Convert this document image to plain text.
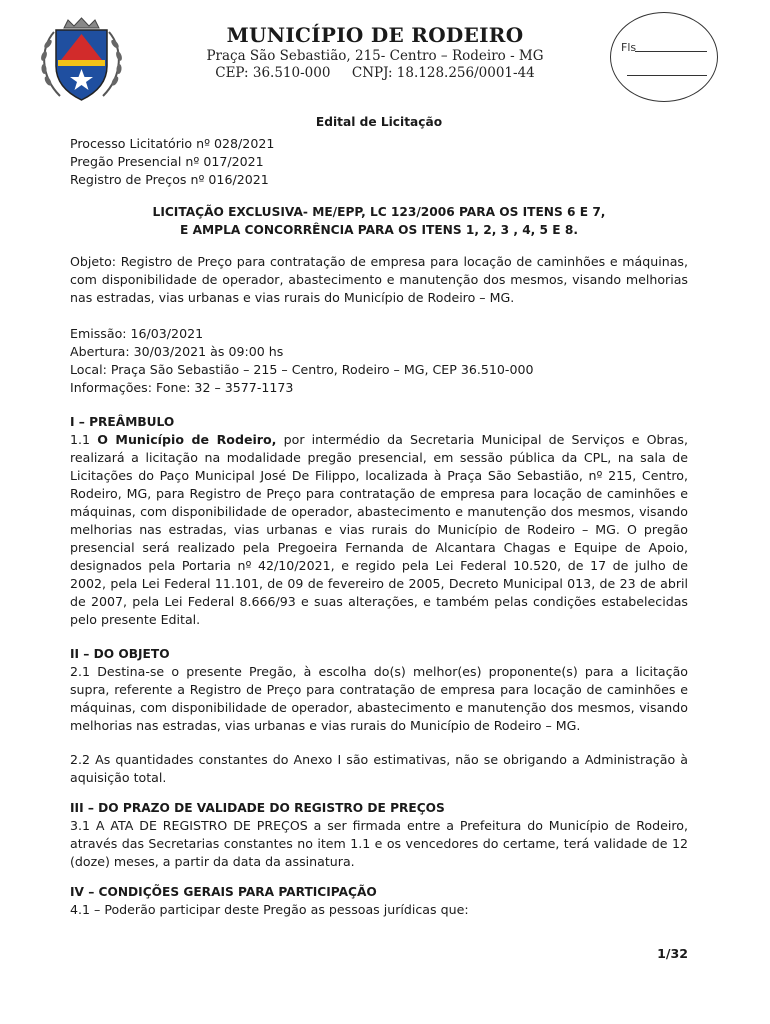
MUNICÍPIO DE RODEIRO
Praça São Sebastião, 215- Centro – Rodeiro - MG
CEP: 36.510-000     CNPJ: 18.128.256/0001-44
Fls
Edital de Licitação

Processo Licitatório nº 028/2021

Pregão Presencial nº 017/2021

Registro de Preços nº 016/2021

LICITAÇÃO EXCLUSIVA- ME/EPP, LC 123/2006 PARA OS ITENS 6 E 7,
E AMPLA CONCORRÊNCIA PARA OS ITENS 1, 2, 3 , 4, 5 E 8.

Objeto: Registro de Preço para contratação de empresa para locação de caminhões e máquinas, com disponibilidade de operador, abastecimento e manutenção dos mesmos, visando melhorias nas estradas, vias urbanas e vias rurais do Município de Rodeiro – MG.

Emissão: 16/03/2021

Abertura: 30/03/2021 às 09:00 hs

Local: Praça São Sebastião – 215 – Centro, Rodeiro – MG, CEP 36.510-000

Informações: Fone: 32 – 3577-1173

I – PREÂMBULO

1.1 O Município de Rodeiro, por intermédio da Secretaria Municipal de Serviços e Obras, realizará a licitação na modalidade pregão presencial, em sessão pública da CPL, na sala de Licitações do Paço Municipal José De Filippo, localizada à Praça São Sebastião, nº 215, Centro, Rodeiro, MG, para Registro de Preço para contratação de empresa para locação de caminhões e máquinas, com disponibilidade de operador, abastecimento e manutenção dos mesmos, visando melhorias nas estradas, vias urbanas e vias rurais do Município de Rodeiro – MG. O pregão presencial será realizado pela Pregoeira Fernanda de Alcantara Chagas e Equipe de Apoio, designados pela Portaria nº 42/10/2021, e regido pela Lei Federal 10.520, de 17 de julho de 2002, pela Lei Federal 11.101, de 09 de fevereiro de 2005, Decreto Municipal 013, de 23 de abril de 2007, pela Lei Federal 8.666/93 e suas alterações, e também pelas condições estabelecidas pelo presente Edital.

II – DO OBJETO

2.1 Destina-se o presente Pregão, à escolha do(s) melhor(es) proponente(s) para a licitação supra, referente a Registro de Preço para contratação de empresa para locação de caminhões e máquinas, com disponibilidade de operador, abastecimento e manutenção dos mesmos, visando melhorias nas estradas, vias urbanas e vias rurais do Município de Rodeiro – MG.

2.2 As quantidades constantes do Anexo I são estimativas, não se obrigando a Administração à aquisição total.

III – DO PRAZO DE VALIDADE DO REGISTRO DE PREÇOS

3.1 A ATA DE REGISTRO DE PREÇOS a ser firmada entre a Prefeitura do Município de Rodeiro, através das Secretarias constantes no item 1.1 e os vencedores do certame, terá validade de 12 (doze) meses, a partir da data da assinatura.

IV – CONDIÇÕES GERAIS PARA PARTICIPAÇÃO

4.1 – Poderão participar deste Pregão as pessoas jurídicas que:

1/32
